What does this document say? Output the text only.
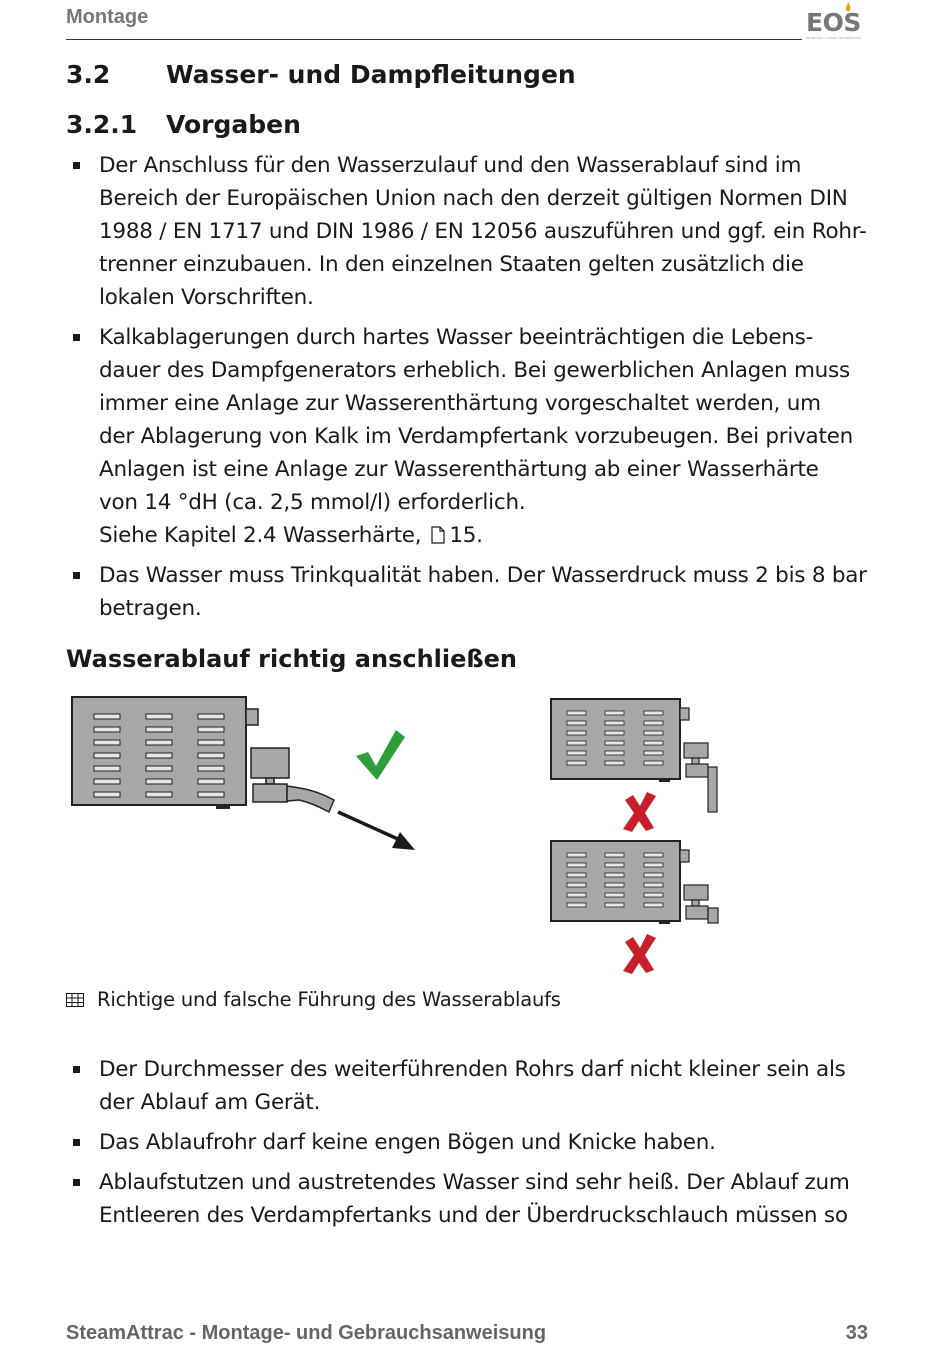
Montage	EOS
BRINGING LIVING TECHNOLOGY
3.2 Wasser- und Dampfleitungen
3.2.1 Vorgaben
Der Anschluss für den Wasserzulauf und den Wasserablauf sind im
Bereich der Europäischen Union nach den derzeit gültigen Normen DIN
1988 / EN 1717 und DIN 1986 / EN 12056 auszuführen und ggf. ein Rohr-
trenner einzubauen. In den einzelnen Staaten gelten zusätzlich die
lokalen Vorschriften.
Kalkablagerungen durch hartes Wasser beeinträchtigen die Lebens-
dauer des Dampfgenerators erheblich. Bei gewerblichen Anlagen muss
immer eine Anlage zur Wasserenthärtung vorgeschaltet werden, um
der Ablagerung von Kalk im Verdampfertank vorzubeugen. Bei privaten
Anlagen ist eine Anlage zur Wasserenthärtung ab einer Wasserhärte
von 14 °dH (ca. 2,5 mmol/l) erforderlich.
Siehe Kapitel 2.4 Wasserhärte, 15.
Das Wasser muss Trinkqualität haben. Der Wasserdruck muss 2 bis 8 bar
betragen.
Wasserablauf richtig anschließen
Richtige und falsche Führung des Wasserablaufs
Der Durchmesser des weiterführenden Rohrs darf nicht kleiner sein als
der Ablauf am Gerät.
Das Ablaufrohr darf keine engen Bögen und Knicke haben.
Ablaufstutzen und austretendes Wasser sind sehr heiß. Der Ablauf zum
Entleeren des Verdampfertanks und der Überdruckschlauch müssen so
SteamAttrac - Montage- und Gebrauchsanweisung	33
